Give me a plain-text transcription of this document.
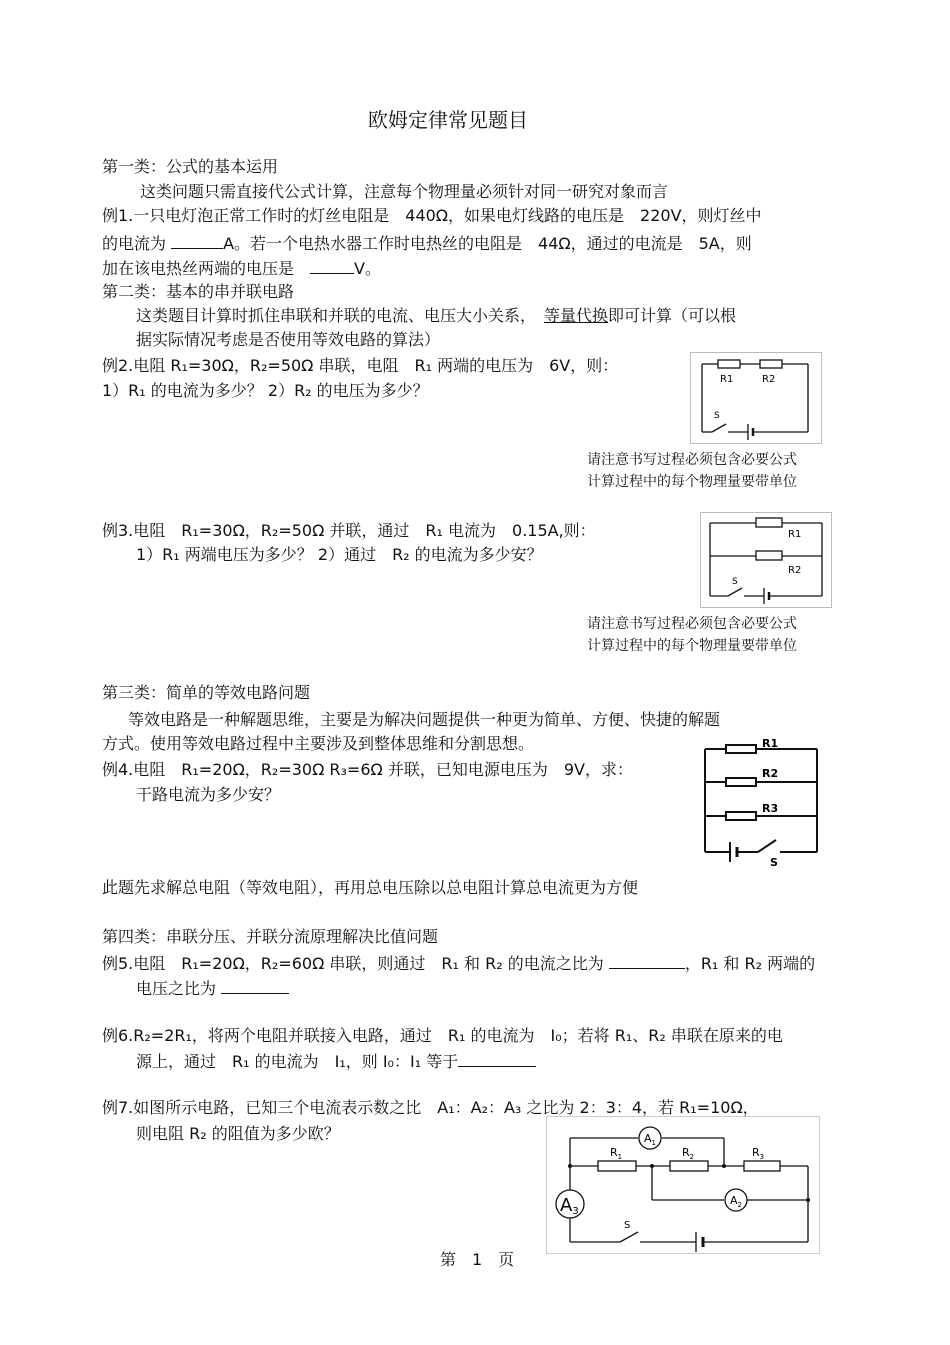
欧姆定律常见题目
第一类：公式的基本运用
这类问题只需直接代公式计算，注意每个物理量必须针对同一研究对象而言
例1.一只电灯泡正常工作时的灯丝电阻是　440Ω，如果电灯线路的电压是　220V，则灯丝中
的电流为	A。若一个电热水器工作时电热丝的电阻是　44Ω，通过的电流是　5A，则
加在该电热丝两端的电压是　	V。
第二类：基本的串并联电路
这类题目计算时抓住串联和并联的电流、电压大小关系，　等量代换即可计算（可以根
据实际情况考虑是否使用等效电路的算法）
例2.电阻 R₁=30Ω，R₂=50Ω 串联，电阻　R₁ 两端的电压为　6V，则：
1）R₁ 的电流为多少？ 2）R₂ 的电压为多少？
R1	R2
S
请注意书写过程必须包含必要公式
计算过程中的每个物理量要带单位
例3.电阻　R₁=30Ω，R₂=50Ω 并联，通过　R₁ 电流为　0.15A,则：
1）R₁ 两端电压为多少？ 2）通过　R₂ 的电流为多少安？
R1
R2
S
请注意书写过程必须包含必要公式
计算过程中的每个物理量要带单位
第三类：简单的等效电路问题
等效电路是一种解题思维，主要是为解决问题提供一种更为简单、方便、快捷的解题
方式。使用等效电路过程中主要涉及到整体思维和分割思想。
例4.电阻　R₁=20Ω，R₂=30Ω R₃=6Ω 并联，已知电源电压为　9V，求：
干路电流为多少安？
R1
R2
R3
S
此题先求解总电阻（等效电阻），再用总电压除以总电阻计算总电流更为方便
第四类：串联分压、并联分流原理解决比值问题
例5.电阻　R₁=20Ω，R₂=60Ω 串联，则通过　R₁ 和 R₂ 的电流之比为	，R₁ 和 R₂ 两端的
电压之比为
例6.R₂=2R₁，将两个电阻并联接入电路，通过　R₁ 的电流为　I₀；若将 R₁、R₂ 串联在原来的电
源上，通过　R₁ 的电流为　I₁，则 I₀：I₁ 等于
例7.如图所示电路，已知三个电流表示数之比　A₁：A₂：A₃ 之比为 2：3：4，若 R₁=10Ω，
则电阻 R₂ 的阻值为多少欧？	$A_1$
$R_1$	$R_2$	$R_3$
$A_2$
A3
S
第　1　页
